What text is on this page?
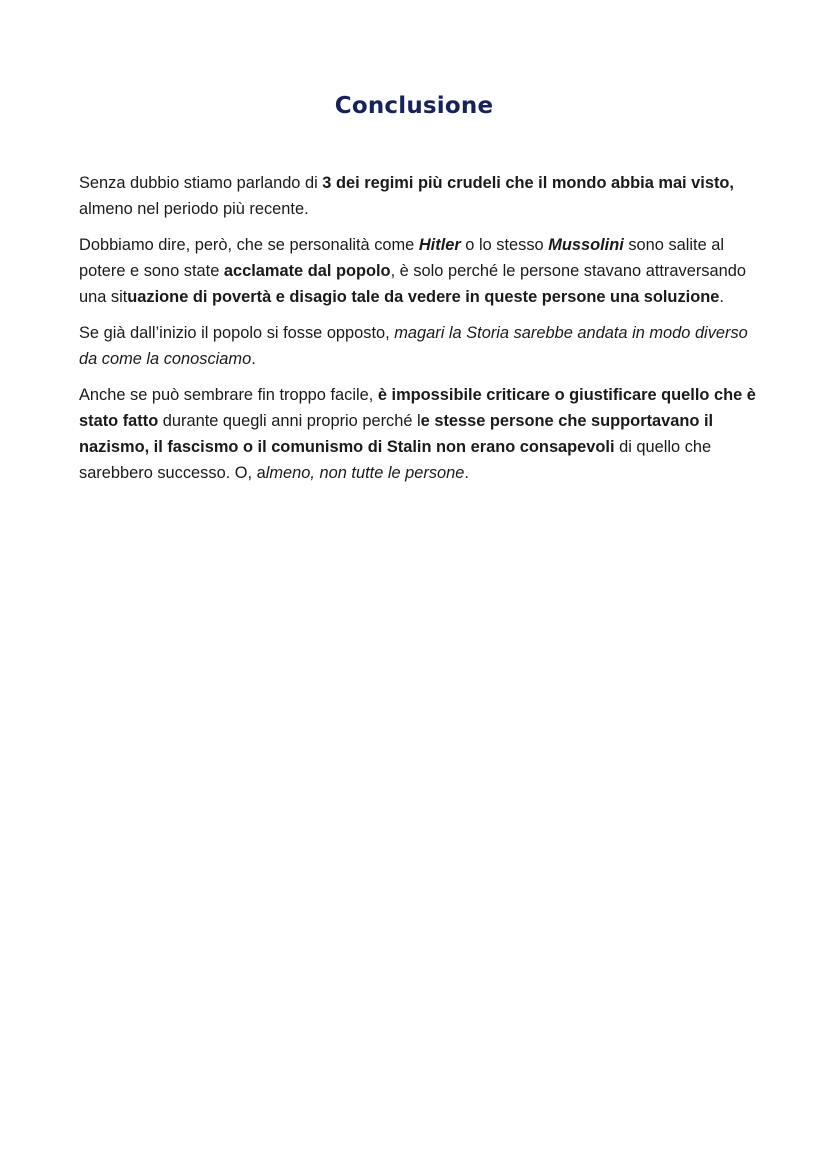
Conclusione

Senza dubbio stiamo parlando di 3 dei regimi più crudeli che il mondo abbia mai visto, almeno nel periodo più recente.

Dobbiamo dire, però, che se personalità come Hitler o lo stesso Mussolini sono salite al potere e sono state acclamate dal popolo, è solo perché le persone stavano attraversando una situazione di povertà e disagio tale da vedere in queste persone una soluzione.

Se già dall’inizio il popolo si fosse opposto, magari la Storia sarebbe andata in modo diverso da come la conosciamo.

Anche se può sembrare fin troppo facile, è impossibile criticare o giustificare quello che è stato fatto durante quegli anni proprio perché le stesse persone che supportavano il nazismo, il fascismo o il comunismo di Stalin non erano consapevoli di quello che sarebbero successo. O, almeno, non tutte le persone.
